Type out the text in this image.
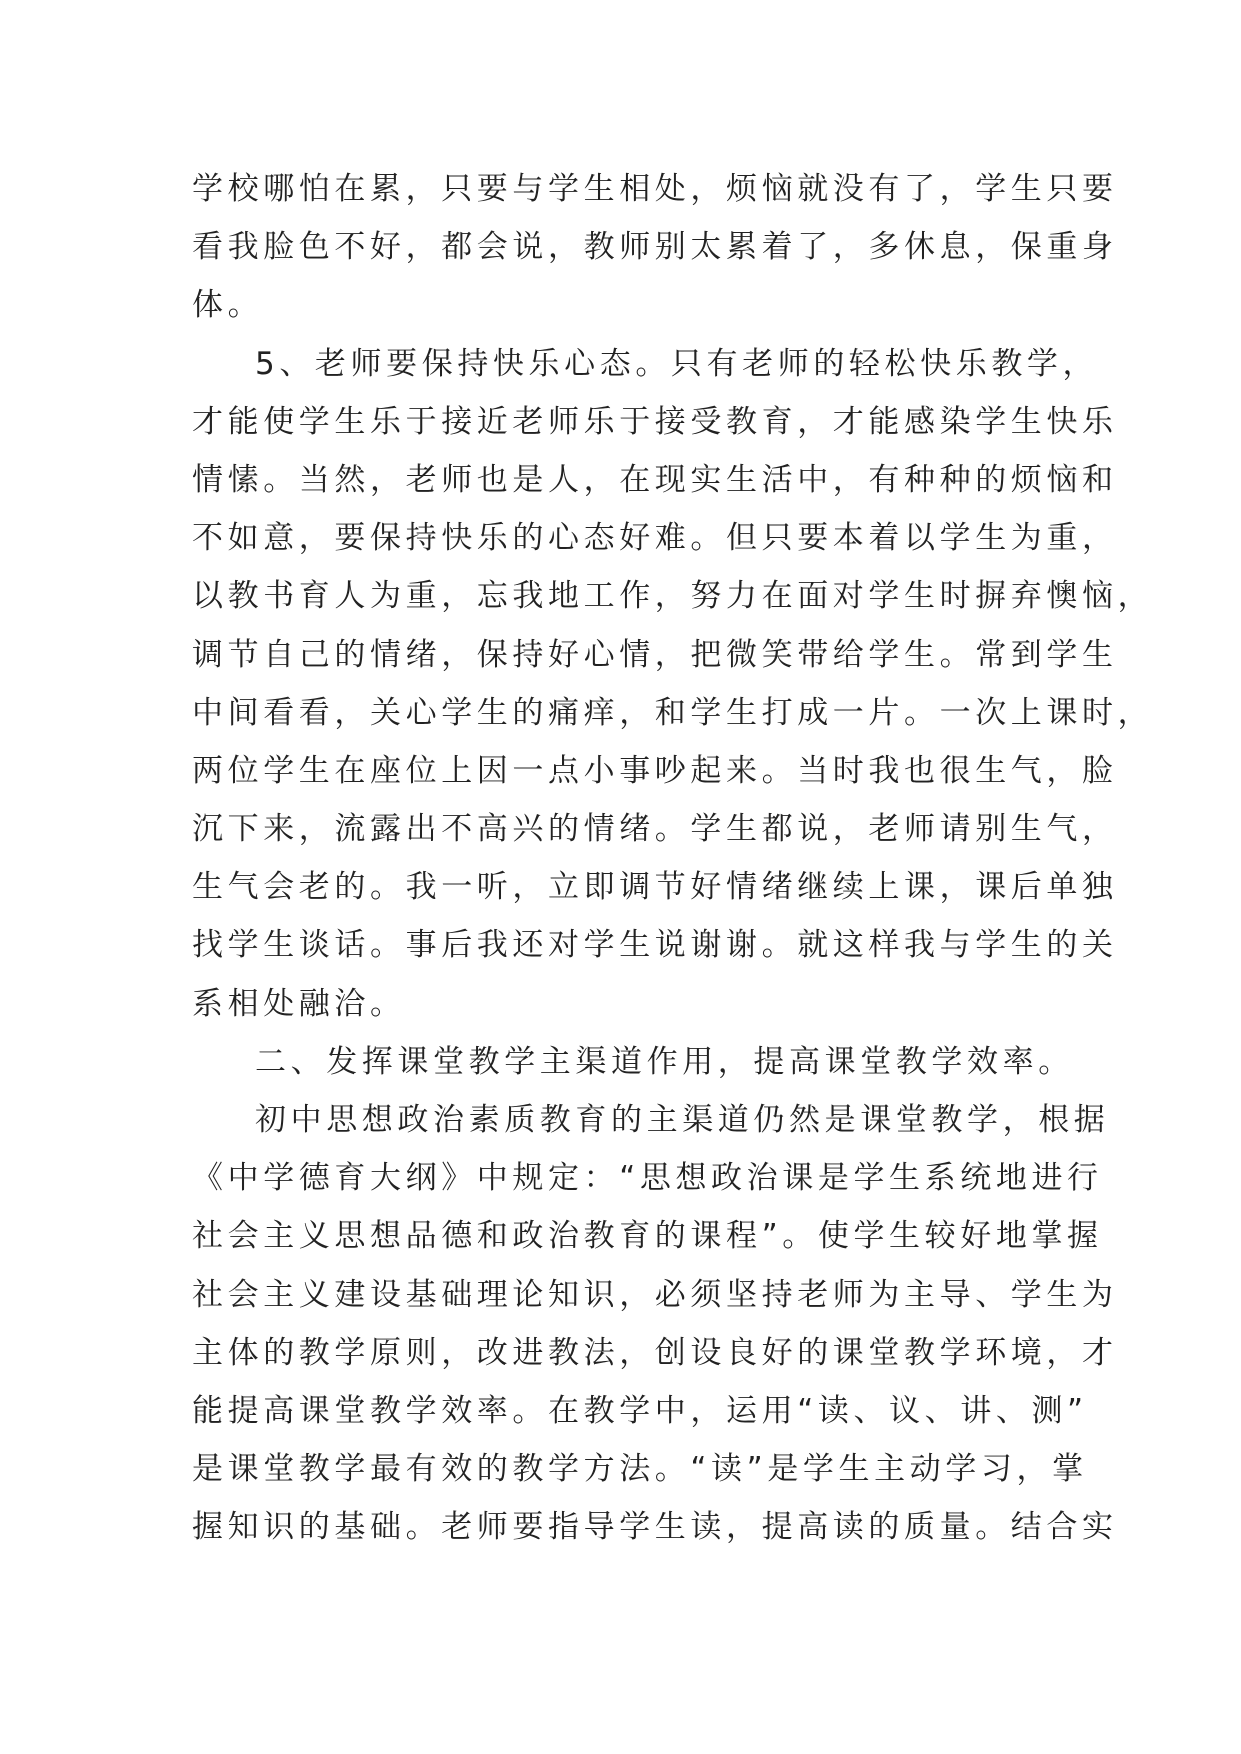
学校哪怕在累，只要与学生相处，烦恼就没有了，学生只要
看我脸色不好，都会说，教师别太累着了，多休息，保重身
体。
5、老师要保持快乐心态。只有老师的轻松快乐教学，
才能使学生乐于接近老师乐于接受教育，才能感染学生快乐
情愫。当然，老师也是人，在现实生活中，有种种的烦恼和
不如意，要保持快乐的心态好难。但只要本着以学生为重，
以教书育人为重，忘我地工作，努力在面对学生时摒弃懊恼，
调节自己的情绪，保持好心情，把微笑带给学生。常到学生
中间看看，关心学生的痛痒，和学生打成一片。一次上课时，
两位学生在座位上因一点小事吵起来。当时我也很生气，脸
沉下来，流露出不高兴的情绪。学生都说，老师请别生气，
生气会老的。我一听，立即调节好情绪继续上课，课后单独
找学生谈话。事后我还对学生说谢谢。就这样我与学生的关
系相处融洽。
二、发挥课堂教学主渠道作用，提高课堂教学效率。
初中思想政治素质教育的主渠道仍然是课堂教学，根据
《中学德育大纲》中规定：“思想政治课是学生系统地进行
社会主义思想品德和政治教育的课程”。使学生较好地掌握
社会主义建设基础理论知识，必须坚持老师为主导、学生为
主体的教学原则，改进教法，创设良好的课堂教学环境，才
能提高课堂教学效率。在教学中，运用“读、议、讲、测”
是课堂教学最有效的教学方法。“读”是学生主动学习，掌
握知识的基础。老师要指导学生读，提高读的质量。结合实
